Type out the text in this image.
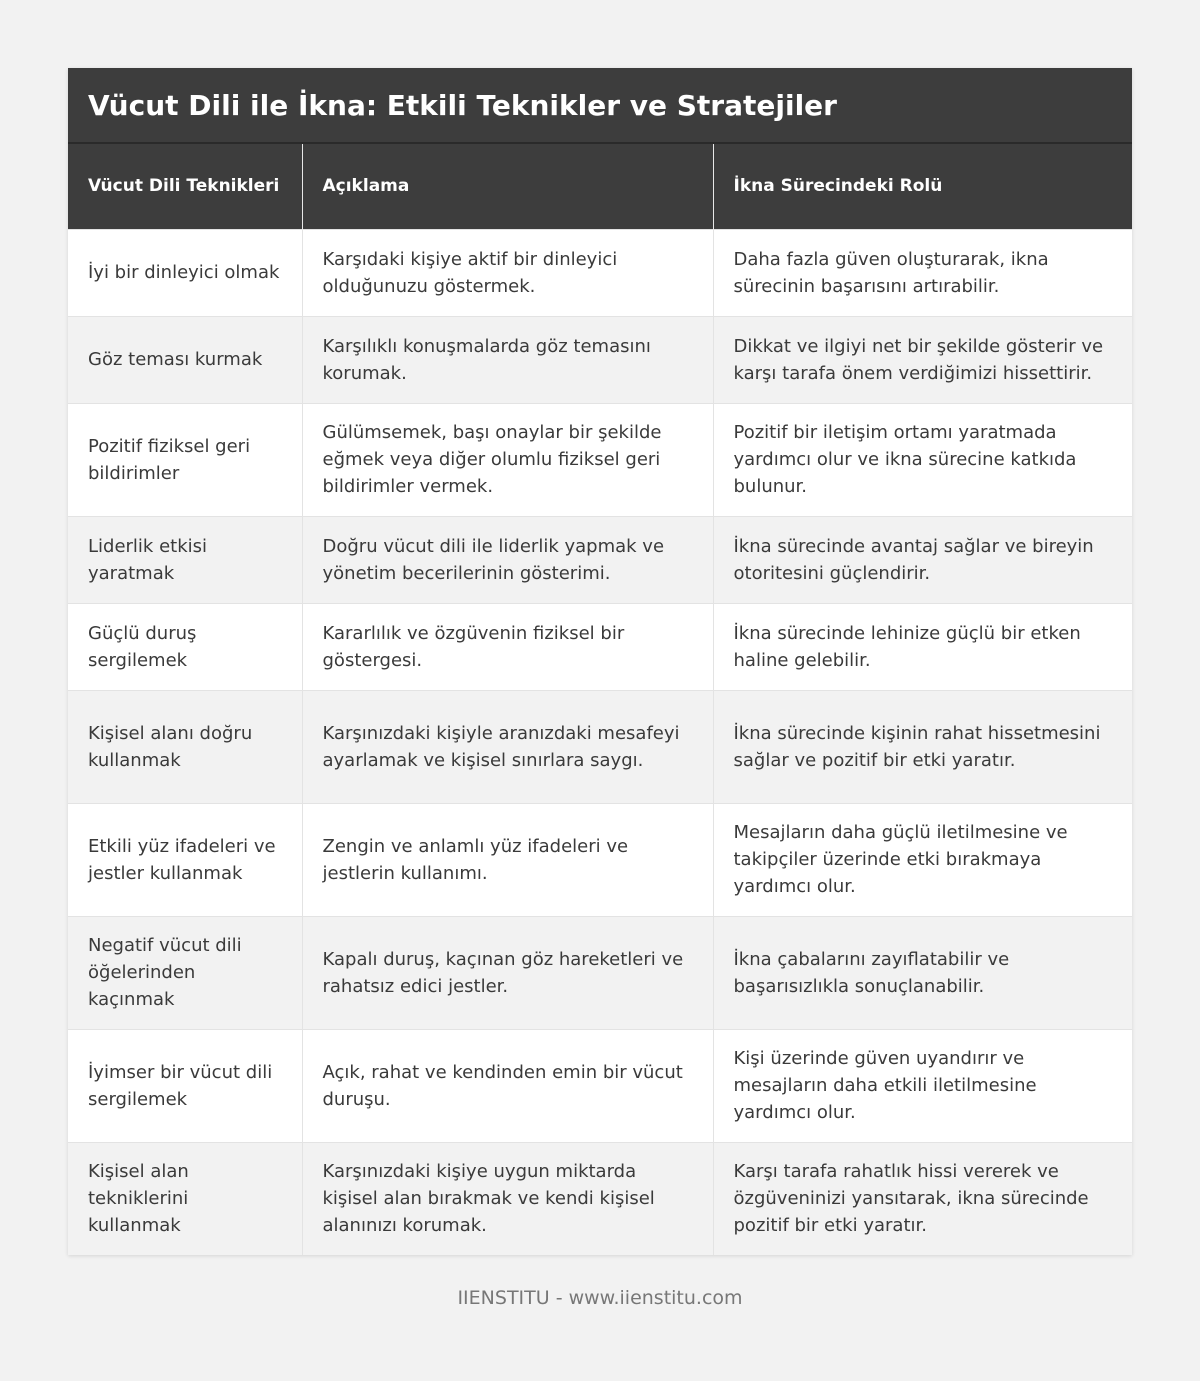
Vücut Dili ile İkna: Etkili Teknikler ve Stratejiler
Vücut Dili Teknikleri	Açıklama	İkna Sürecindeki Rolü
İyi bir dinleyici olmak	Karşıdaki kişiye aktif bir dinleyici olduğunuzu göstermek.	Daha fazla güven oluşturarak, ikna sürecinin başarısını artırabilir.
Göz teması kurmak	Karşılıklı konuşmalarda göz temasını korumak.	Dikkat ve ilgiyi net bir şekilde gösterir ve karşı tarafa önem verdiğimizi hissettirir.
Pozitif fiziksel geri bildirimler	Gülümsemek, başı onaylar bir şekilde eğmek veya diğer olumlu fiziksel geri bildirimler vermek.	Pozitif bir iletişim ortamı yaratmada yardımcı olur ve ikna sürecine katkıda bulunur.
Liderlik etkisi yaratmak	Doğru vücut dili ile liderlik yapmak ve yönetim becerilerinin gösterimi.	İkna sürecinde avantaj sağlar ve bireyin otoritesini güçlendirir.
Güçlü duruş sergilemek	Kararlılık ve özgüvenin fiziksel bir göstergesi.	İkna sürecinde lehinize güçlü bir etken haline gelebilir.
Kişisel alanı doğru kullanmak	Karşınızdaki kişiyle aranızdaki mesafeyi ayarlamak ve kişisel sınırlara saygı.	İkna sürecinde kişinin rahat hissetmesini sağlar ve pozitif bir etki yaratır.
Etkili yüz ifadeleri ve jestler kullanmak	Zengin ve anlamlı yüz ifadeleri ve jestlerin kullanımı.	Mesajların daha güçlü iletilmesine ve takipçiler üzerinde etki bırakmaya yardımcı olur.
Negatif vücut dili öğelerinden kaçınmak	Kapalı duruş, kaçınan göz hareketleri ve rahatsız edici jestler.	İkna çabalarını zayıflatabilir ve başarısızlıkla sonuçlanabilir.
İyimser bir vücut dili sergilemek	Açık, rahat ve kendinden emin bir vücut duruşu.	Kişi üzerinde güven uyandırır ve mesajların daha etkili iletilmesine yardımcı olur.
Kişisel alan tekniklerini kullanmak	Karşınızdaki kişiye uygun miktarda kişisel alan bırakmak ve kendi kişisel alanınızı korumak.	Karşı tarafa rahatlık hissi vererek ve özgüveninizi yansıtarak, ikna sürecinde pozitif bir etki yaratır.
IIENSTITU - www.iienstitu.com
